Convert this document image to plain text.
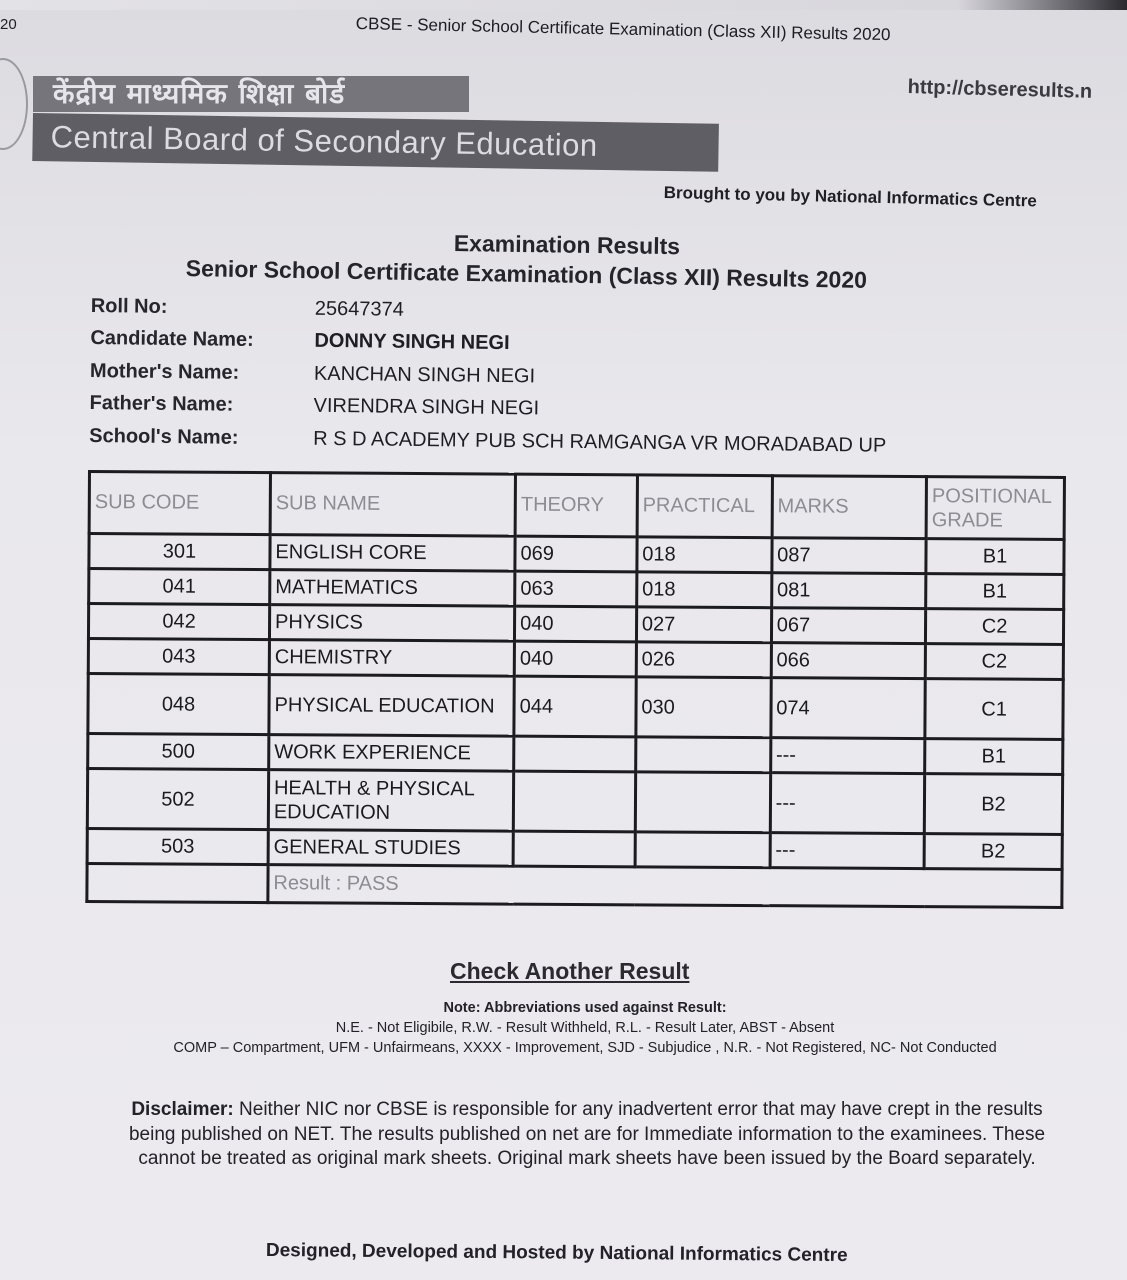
20	CBSE - Senior School Certificate Examination (Class XII) Results 2020
http://cbseresults.n
केंद्रीय माध्यमिक शिक्षा बोर्ड
Central Board of Secondary Education
Brought to you by National Informatics Centre
Examination Results
Senior School Certificate Examination (Class XII) Results 2020
Roll No:	25647374
Candidate Name:	DONNY SINGH NEGI
Mother's Name:	KANCHAN SINGH NEGI
Father's Name:	VIRENDRA SINGH NEGI
School's Name:	R S D ACADEMY PUB SCH RAMGANGA VR MORADABAD UP
SUB CODE	SUB NAME	THEORY	PRACTICAL	MARKS	POSITIONAL GRADE
301	ENGLISH CORE	069	018	087	B1
041	MATHEMATICS	063	018	081	B1
042	PHYSICS	040	027	067	C2
043	CHEMISTRY	040	026	066	C2
048	PHYSICAL EDUCATION	044	030	074	C1
500	WORK EXPERIENCE			---	B1
502	HEALTH & PHYSICAL EDUCATION			---	B2
503	GENERAL STUDIES			---	B2
	Result : PASS				
Check Another Result
Note: Abbreviations used against Result:
N.E. - Not Eligibile, R.W. - Result Withheld, R.L. - Result Later, ABST - Absent
COMP – Compartment, UFM - Unfairmeans, XXXX - Improvement, SJD - Subjudice , N.R. - Not Registered, NC- Not Conducted
Disclaimer: Neither NIC nor CBSE is responsible for any inadvertent error that may have crept in the results being published on NET. The results published on net are for Immediate information to the examinees. These cannot be treated as original mark sheets. Original mark sheets have been issued by the Board separately.
Designed, Developed and Hosted by National Informatics Centre
